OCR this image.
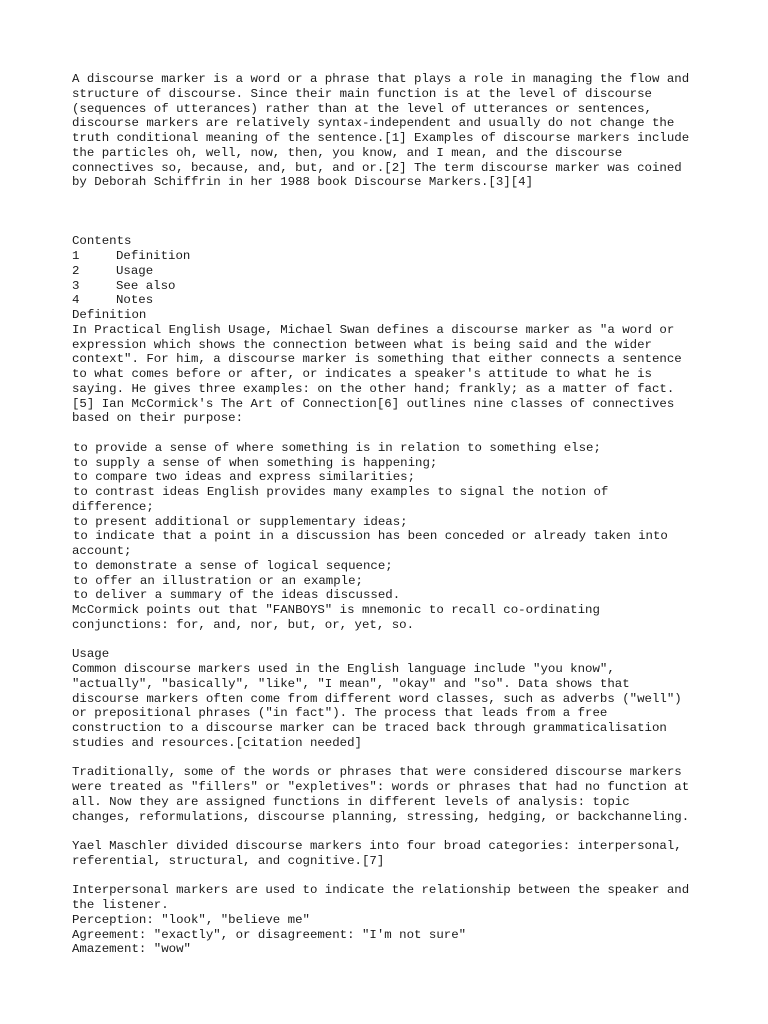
A discourse marker is a word or a phrase that plays a role in managing the flow and
structure of discourse. Since their main function is at the level of discourse
(sequences of utterances) rather than at the level of utterances or sentences,
discourse markers are relatively syntax-independent and usually do not change the
truth conditional meaning of the sentence.[1] Examples of discourse markers include
the particles oh, well, now, then, you know, and I mean, and the discourse
connectives so, because, and, but, and or.[2] The term discourse marker was coined
by Deborah Schiffrin in her 1988 book Discourse Markers.[3][4]
Contents
1	Definition
2	Usage
3	See also
4	Notes
Definition
In Practical English Usage, Michael Swan defines a discourse marker as "a word or
expression which shows the connection between what is being said and the wider
context". For him, a discourse marker is something that either connects a sentence
to what comes before or after, or indicates a speaker's attitude to what he is
saying. He gives three examples: on the other hand; frankly; as a matter of fact.
[5] Ian McCormick's The Art of Connection[6] outlines nine classes of connectives
based on their purpose:
to provide a sense of where something is in relation to something else;
to supply a sense of when something is happening;
to compare two ideas and express similarities;
to contrast ideas English provides many examples to signal the notion of
difference;
to present additional or supplementary ideas;
to indicate that a point in a discussion has been conceded or already taken into
account;
to demonstrate a sense of logical sequence;
to offer an illustration or an example;
to deliver a summary of the ideas discussed.
McCormick points out that "FANBOYS" is mnemonic to recall co-ordinating
conjunctions: for, and, nor, but, or, yet, so.
Usage
Common discourse markers used in the English language include "you know",
"actually", "basically", "like", "I mean", "okay" and "so". Data shows that
discourse markers often come from different word classes, such as adverbs ("well")
or prepositional phrases ("in fact"). The process that leads from a free
construction to a discourse marker can be traced back through grammaticalisation
studies and resources.[citation needed]
Traditionally, some of the words or phrases that were considered discourse markers
were treated as "fillers" or "expletives": words or phrases that had no function at
all. Now they are assigned functions in different levels of analysis: topic
changes, reformulations, discourse planning, stressing, hedging, or backchanneling.
Yael Maschler divided discourse markers into four broad categories: interpersonal,
referential, structural, and cognitive.[7]
Interpersonal markers are used to indicate the relationship between the speaker and
the listener.
Perception: "look", "believe me"
Agreement: "exactly", or disagreement: "I'm not sure"
Amazement: "wow"
